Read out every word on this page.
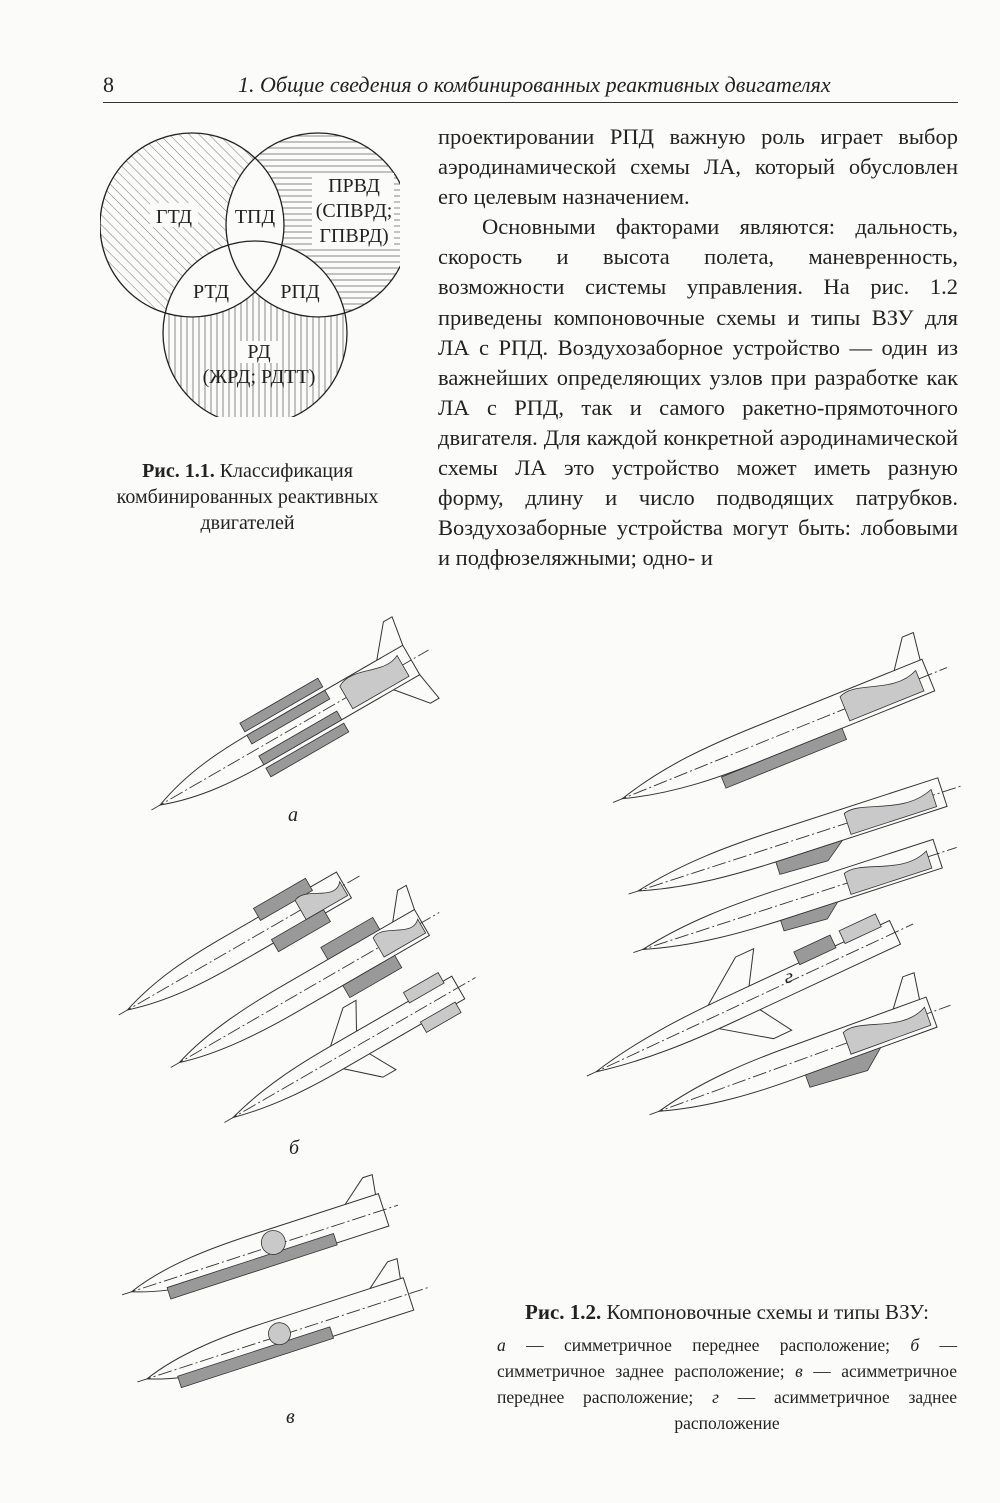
8	1. Общие сведения о комбинированных реактивных двигателях
ГТД ТПД
ПРВД
(СПВРД;
ГПВРД)
РТД	РПД
РД
(ЖРД; РДТТ)
Рис. 1.1. Классификация комбинированных реактивных двигателей

проектировании РПД важную роль играет выбор аэродинамической схемы ЛА, который обусловлен его целевым назначением.

Основными факторами являются: дальность, скорость и высота полета, маневренность, возможности системы управления. На рис. 1.2 приведены компоновочные схемы и типы ВЗУ для ЛА с РПД. Воздухозаборное устройство — один из важнейших определяющих узлов при разработке как ЛА с РПД, так и самого ракетно-прямоточного двигателя. Для каждой конкретной аэродинамической схемы ЛА это устройство может иметь разную форму, длину и число подводящих патрубков. Воздухозаборные устройства могут быть: лобовыми и подфюзеляжными; одно- и

а
б
в
г
Рис. 1.2. Компоновочные схемы и типы ВЗУ:
а — симметричное переднее расположение; б — симметричное заднее расположение; в — асимметричное переднее расположение; г — асимметричное заднее расположение
